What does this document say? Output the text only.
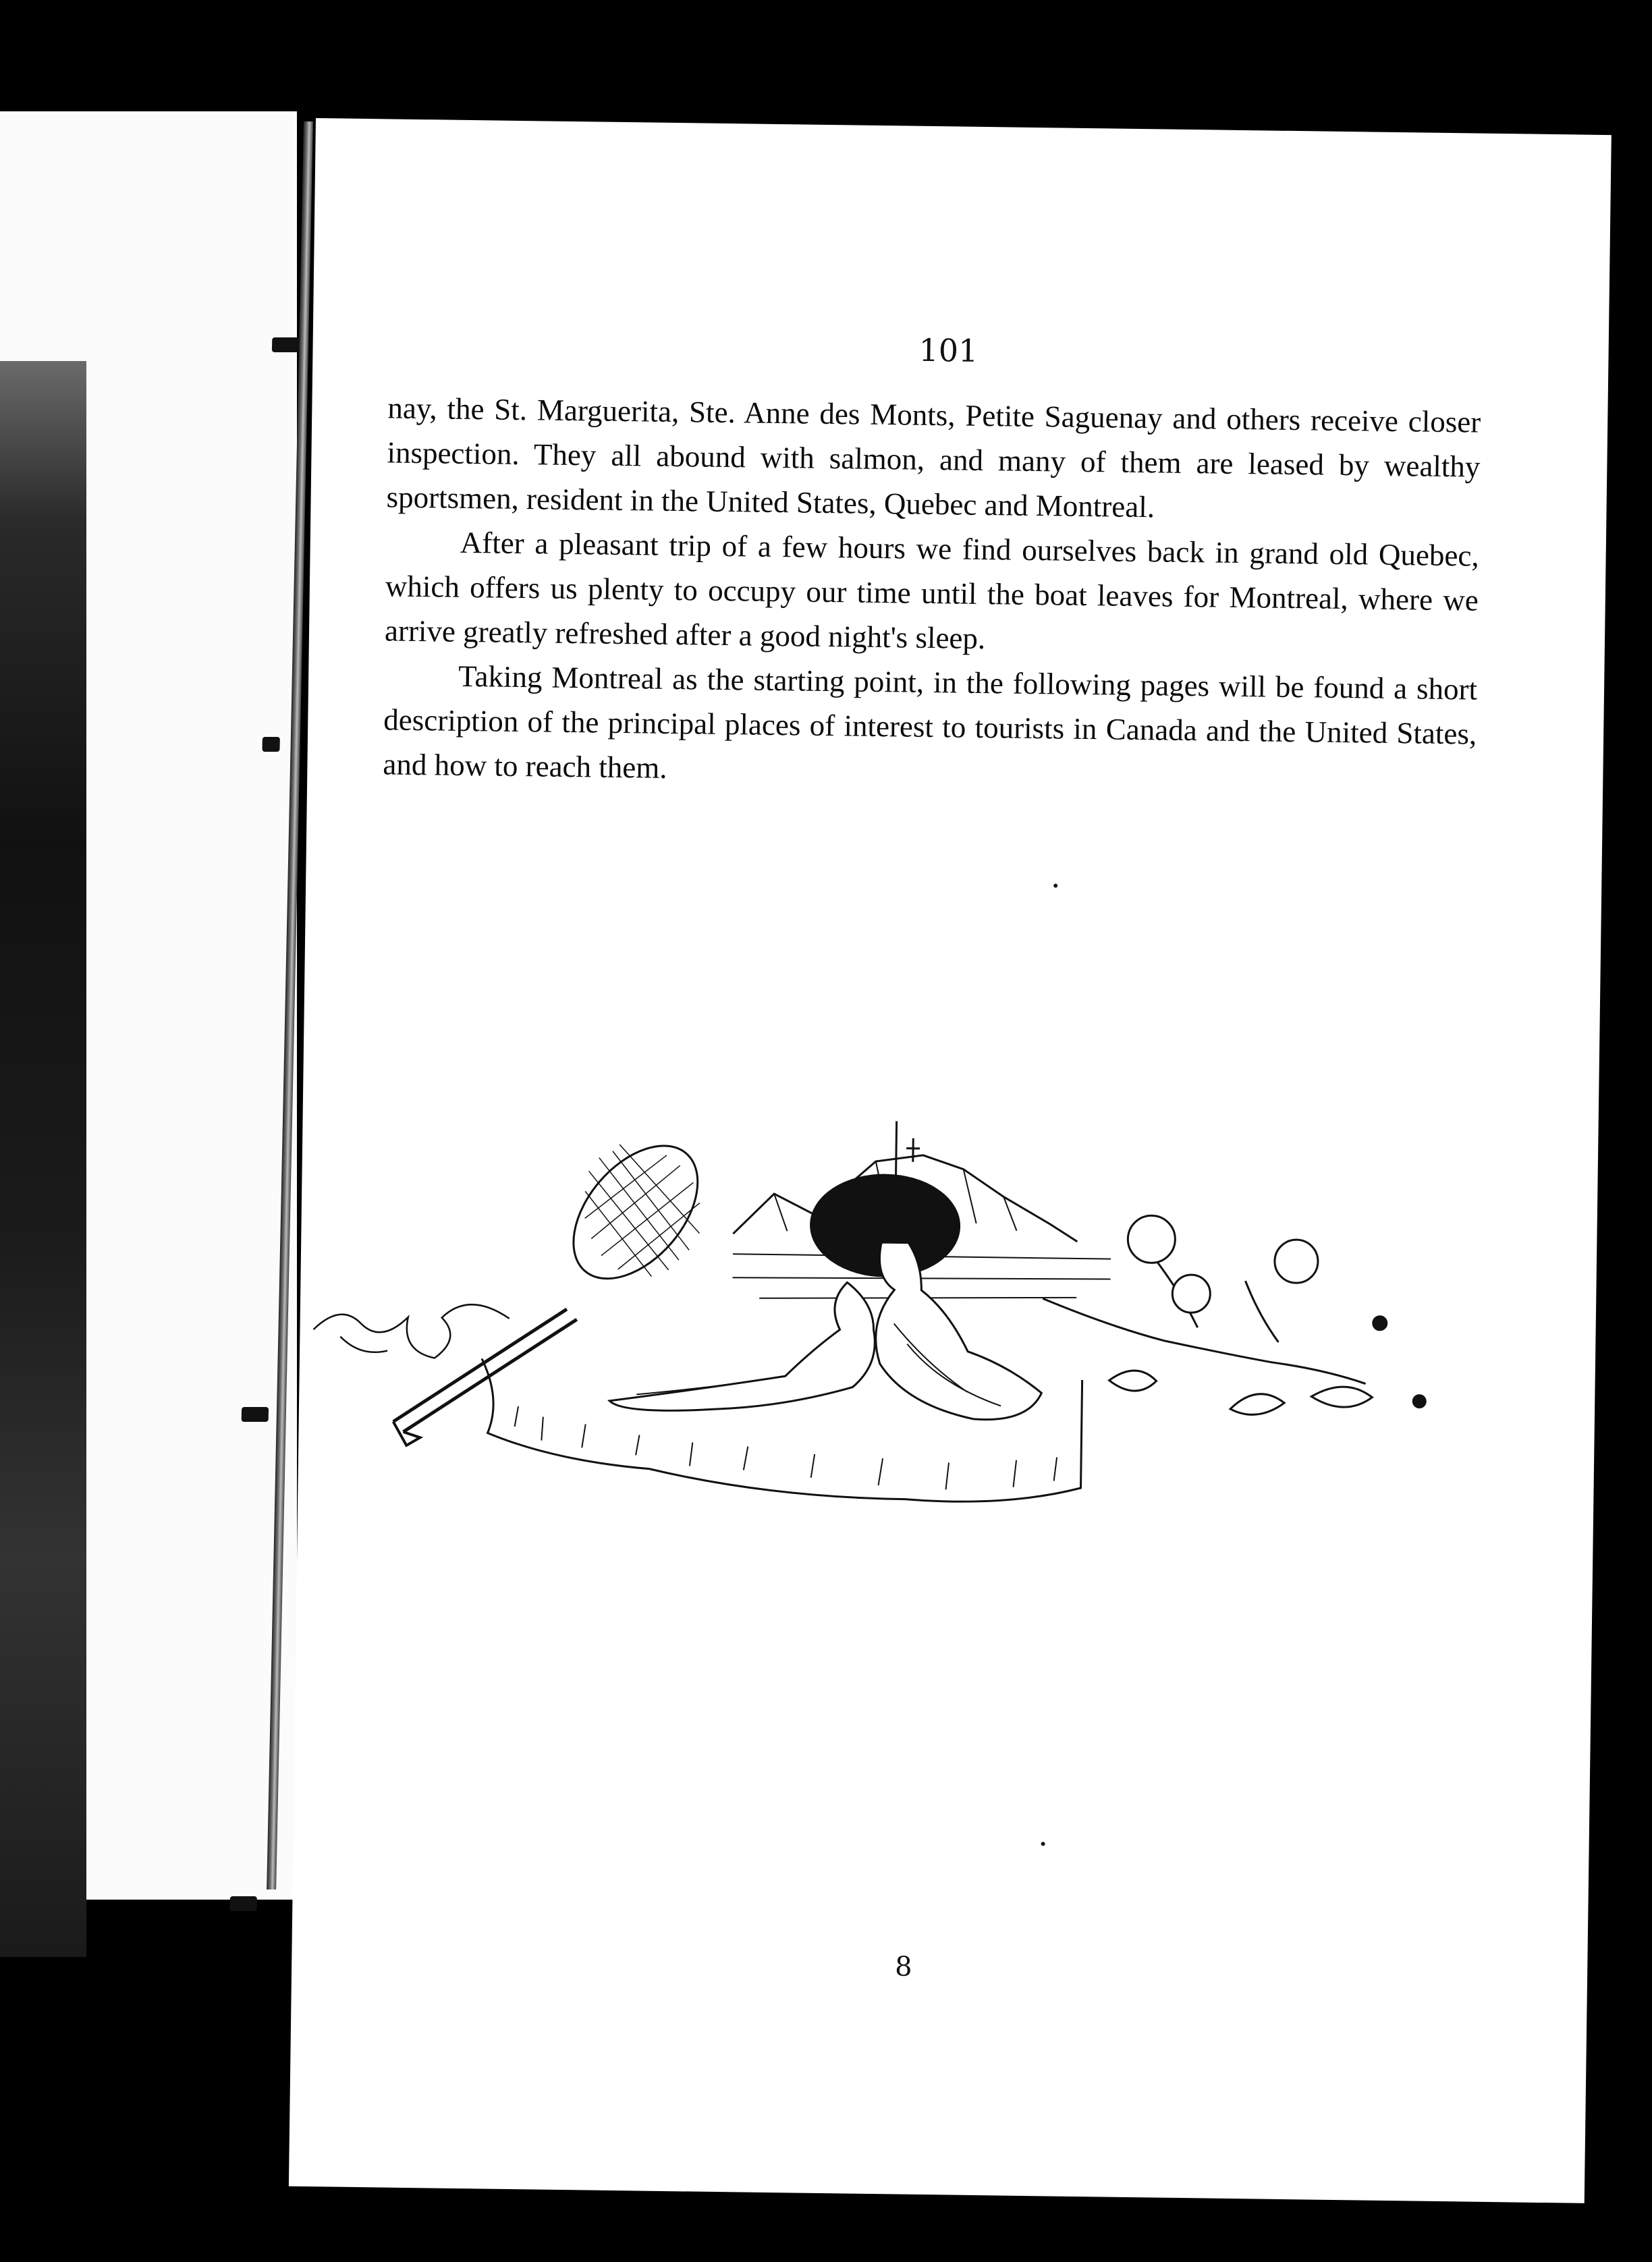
101

nay, the St. Marguerita, Ste. Anne des Monts, Petite Saguenay and others receive closer inspection. They all abound with salmon, and many of them are leased by wealthy sportsmen, resident in the United States, Quebec and Montreal.

After a pleasant trip of a few hours we find ourselves back in grand old Quebec, which offers us plenty to occupy our time until the boat leaves for Montreal, where we arrive greatly refreshed after a good night's sleep.

Taking Montreal as the starting point, in the following pages will be found a short description of the principal places of interest to tourists in Canada and the United States, and how to reach them.

8
